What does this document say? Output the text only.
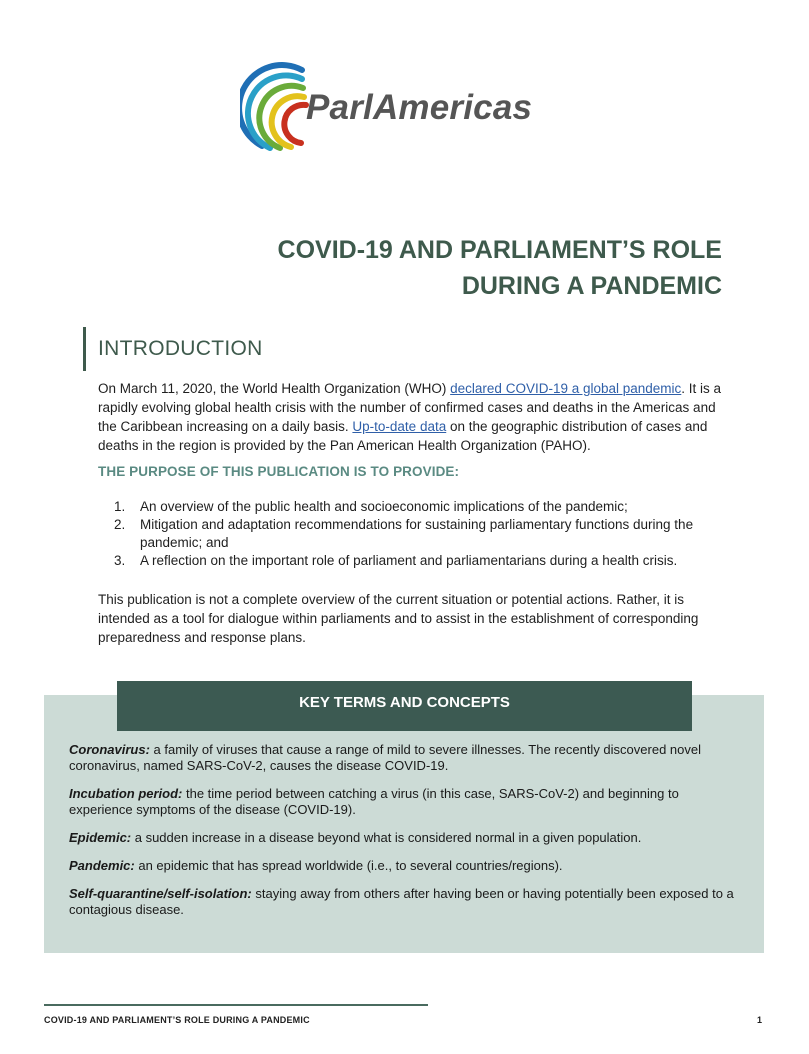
ParlAmericas
COVID-19 AND PARLIAMENT’S ROLE
DURING A PANDEMIC
INTRODUCTION
On March 11, 2020, the World Health Organization (WHO) declared COVID-19 a global pandemic. It is a rapidly evolving global health crisis with the number of confirmed cases and deaths in the Americas and the Caribbean increasing on a daily basis. Up-to-date data on the geographic distribution of cases and deaths in the region is provided by the Pan American Health Organization (PAHO).
THE PURPOSE OF THIS PUBLICATION IS TO PROVIDE:
1. An overview of the public health and socioeconomic implications of the pandemic;
2. Mitigation and adaptation recommendations for sustaining parliamentary functions during the pandemic; and
3. A reflection on the important role of parliament and parliamentarians during a health crisis.
This publication is not a complete overview of the current situation or potential actions. Rather, it is intended as a tool for dialogue within parliaments and to assist in the establishment of corresponding preparedness and response plans.
KEY TERMS AND CONCEPTS

Coronavirus: a family of viruses that cause a range of mild to severe illnesses. The recently discovered novel coronavirus, named SARS-CoV-2, causes the disease COVID-19.

Incubation period: the time period between catching a virus (in this case, SARS-CoV-2) and beginning to experience symptoms of the disease (COVID-19).

Epidemic: a sudden increase in a disease beyond what is considered normal in a given population.

Pandemic: an epidemic that has spread worldwide (i.e., to several countries/regions).

Self-quarantine/self-isolation: staying away from others after having been or having potentially been exposed to a contagious disease.

COVID-19 AND PARLIAMENT’S ROLE DURING A PANDEMIC	1
